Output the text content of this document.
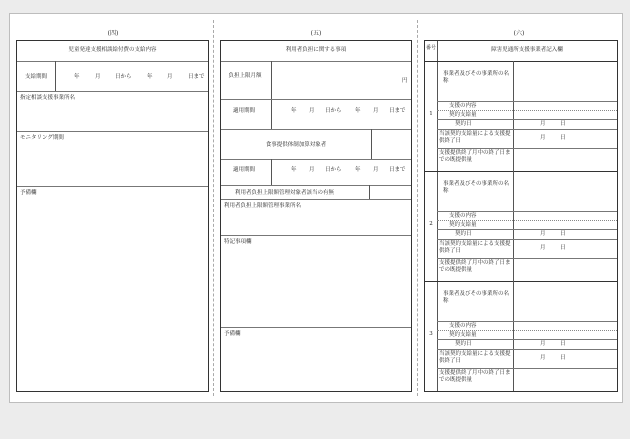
(四)	(五)	(六)
児童発達支援相談給付費の支給内容
支給期間	年	月	日から	年	月	日まで
指定相談支援事業所名
モニタリング期間
予備欄
利用者負担に関する事項
負担上限月額
円
適用期間	年 月 日から 年 月 日まで
食事提供体制加算対象者
適用期間	年 月 日から 年 月 日まで
利用者負担上限額管理対象者該当の有無
利用者負担上限額管理事業所名
特記事項欄
予備欄
番号	障害児通所支援事業者記入欄
1
事業者及びその事業所の名称
支援の内容
契約支給量
契約日	月	日
当該契約支給量による支援提供終了日	月	日
支援提供終了月中の終了日までの既提供量
2
事業者及びその事業所の名称
支援の内容
契約支給量
契約日	月	日
当該契約支給量による支援提供終了日	月	日
支援提供終了月中の終了日までの既提供量
3
事業者及びその事業所の名称
支援の内容
契約支給量
契約日	月	日
当該契約支給量による支援提供終了日	月	日
支援提供終了月中の終了日までの既提供量
